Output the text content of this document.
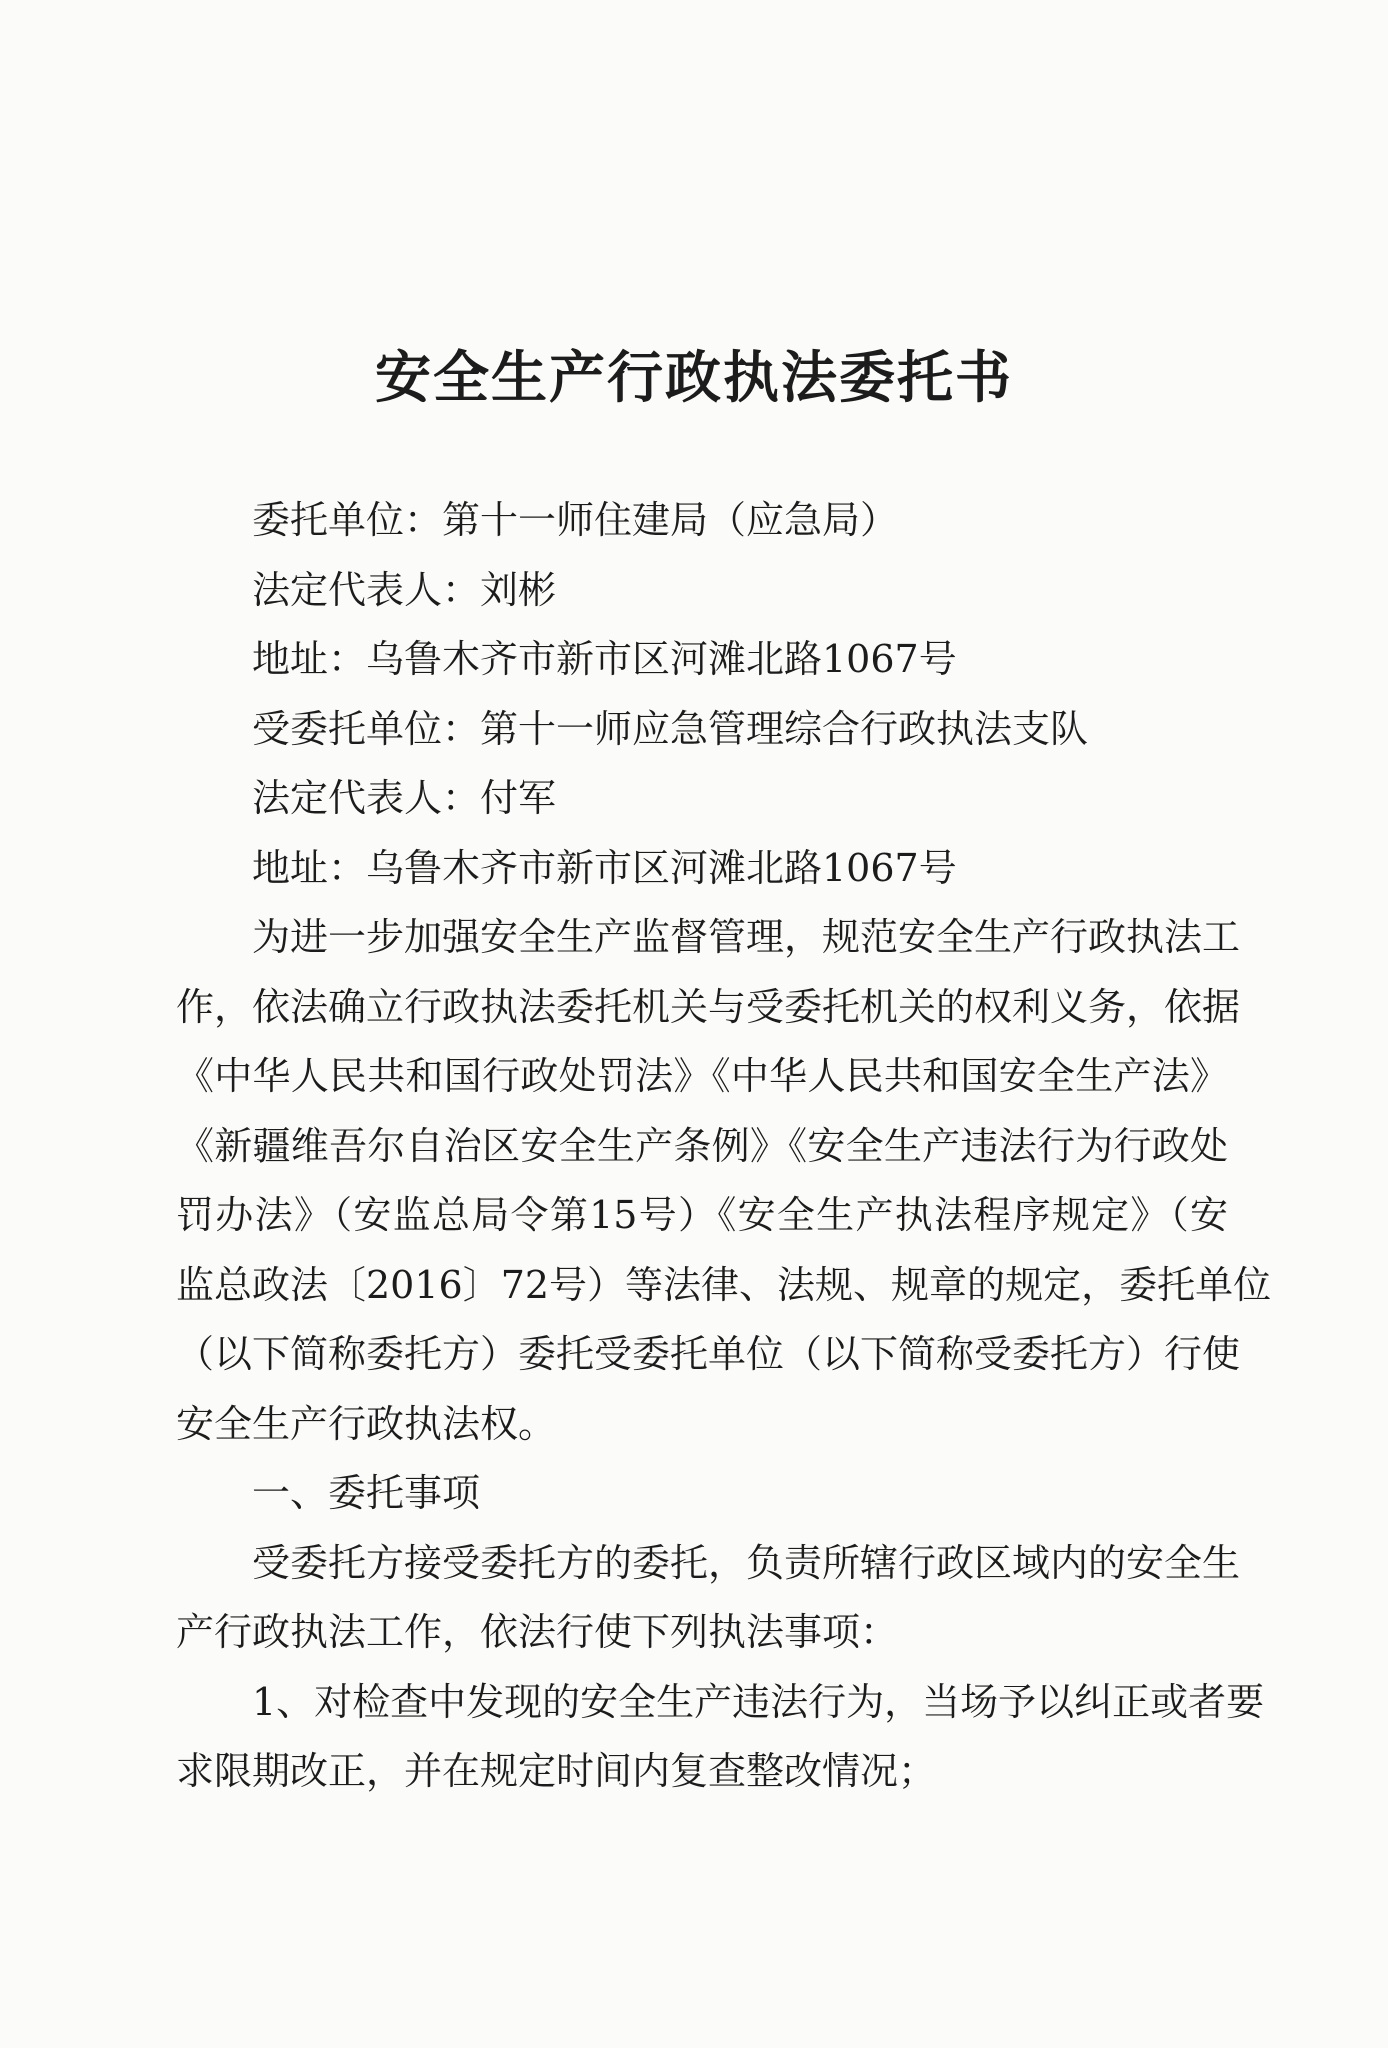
安全生产行政执法委托书
委托单位：第十一师住建局（应急局）
法定代表人：刘彬
地址：乌鲁木齐市新市区河滩北路1067号
受委托单位：第十一师应急管理综合行政执法支队
法定代表人：付军
地址：乌鲁木齐市新市区河滩北路1067号
为进一步加强安全生产监督管理，规范安全生产行政执法工
作，依法确立行政执法委托机关与受委托机关的权利义务，依据
《中华人民共和国行政处罚法》《中华人民共和国安全生产法》
《新疆维吾尔自治区安全生产条例》《安全生产违法行为行政处
罚办法》（安监总局令第15号）《安全生产执法程序规定》（安
监总政法〔2016〕72号）等法律、法规、规章的规定，委托单位
（以下简称委托方）委托受委托单位（以下简称受委托方）行使
安全生产行政执法权。
一、委托事项
受委托方接受委托方的委托，负责所辖行政区域内的安全生
产行政执法工作，依法行使下列执法事项：
1、对检查中发现的安全生产违法行为，当场予以纠正或者要
求限期改正，并在规定时间内复查整改情况；
